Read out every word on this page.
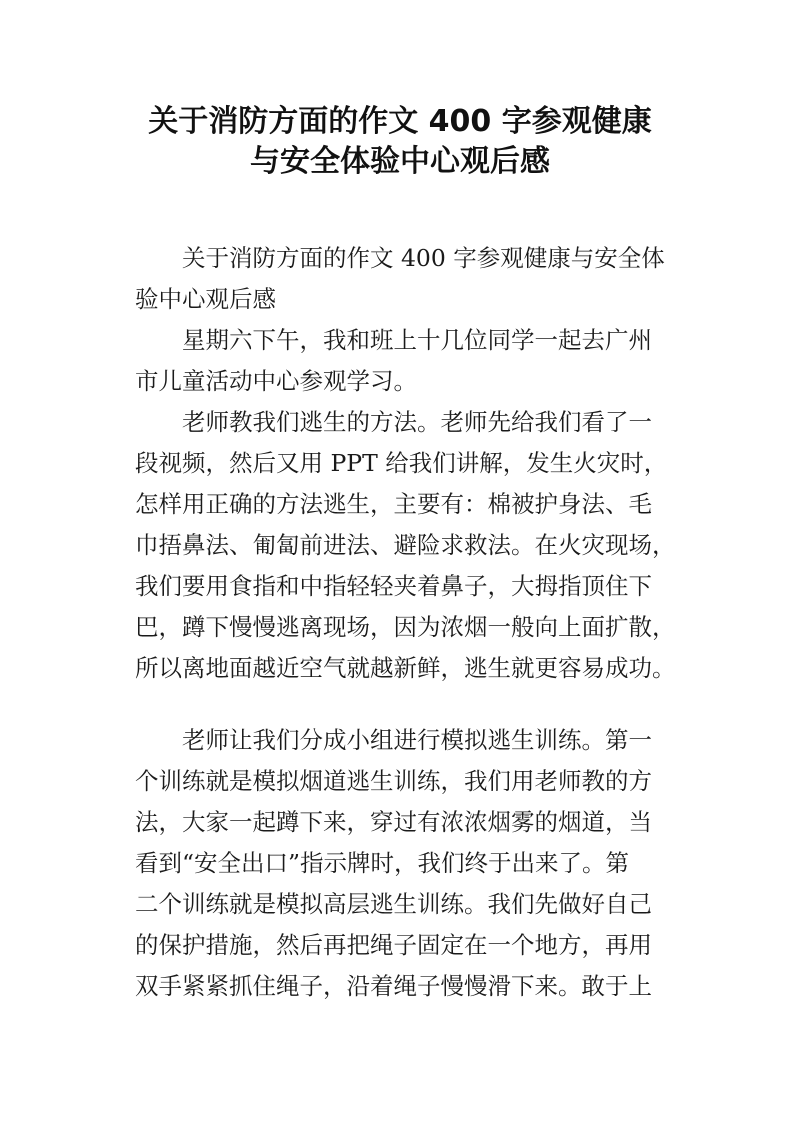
关于消防方面的作文 400 字参观健康
与安全体验中心观后感
关于消防方面的作文 400 字参观健康与安全体
验中心观后感
星期六下午，我和班上十几位同学一起去广州
市儿童活动中心参观学习。
老师教我们逃生的方法。老师先给我们看了一
段视频，然后又用 PPT 给我们讲解，发生火灾时，
怎样用正确的方法逃生，主要有：棉被护身法、毛
巾捂鼻法、匍匐前进法、避险求救法。在火灾现场，
我们要用食指和中指轻轻夹着鼻子，大拇指顶住下
巴，蹲下慢慢逃离现场，因为浓烟一般向上面扩散，
所以离地面越近空气就越新鲜，逃生就更容易成功。
老师让我们分成小组进行模拟逃生训练。第一
个训练就是模拟烟道逃生训练，我们用老师教的方
法，大家一起蹲下来，穿过有浓浓烟雾的烟道，当
看到“安全出口”指示牌时，我们终于出来了。第
二个训练就是模拟高层逃生训练。我们先做好自己
的保护措施，然后再把绳子固定在一个地方，再用
双手紧紧抓住绳子，沿着绳子慢慢滑下来。敢于上
